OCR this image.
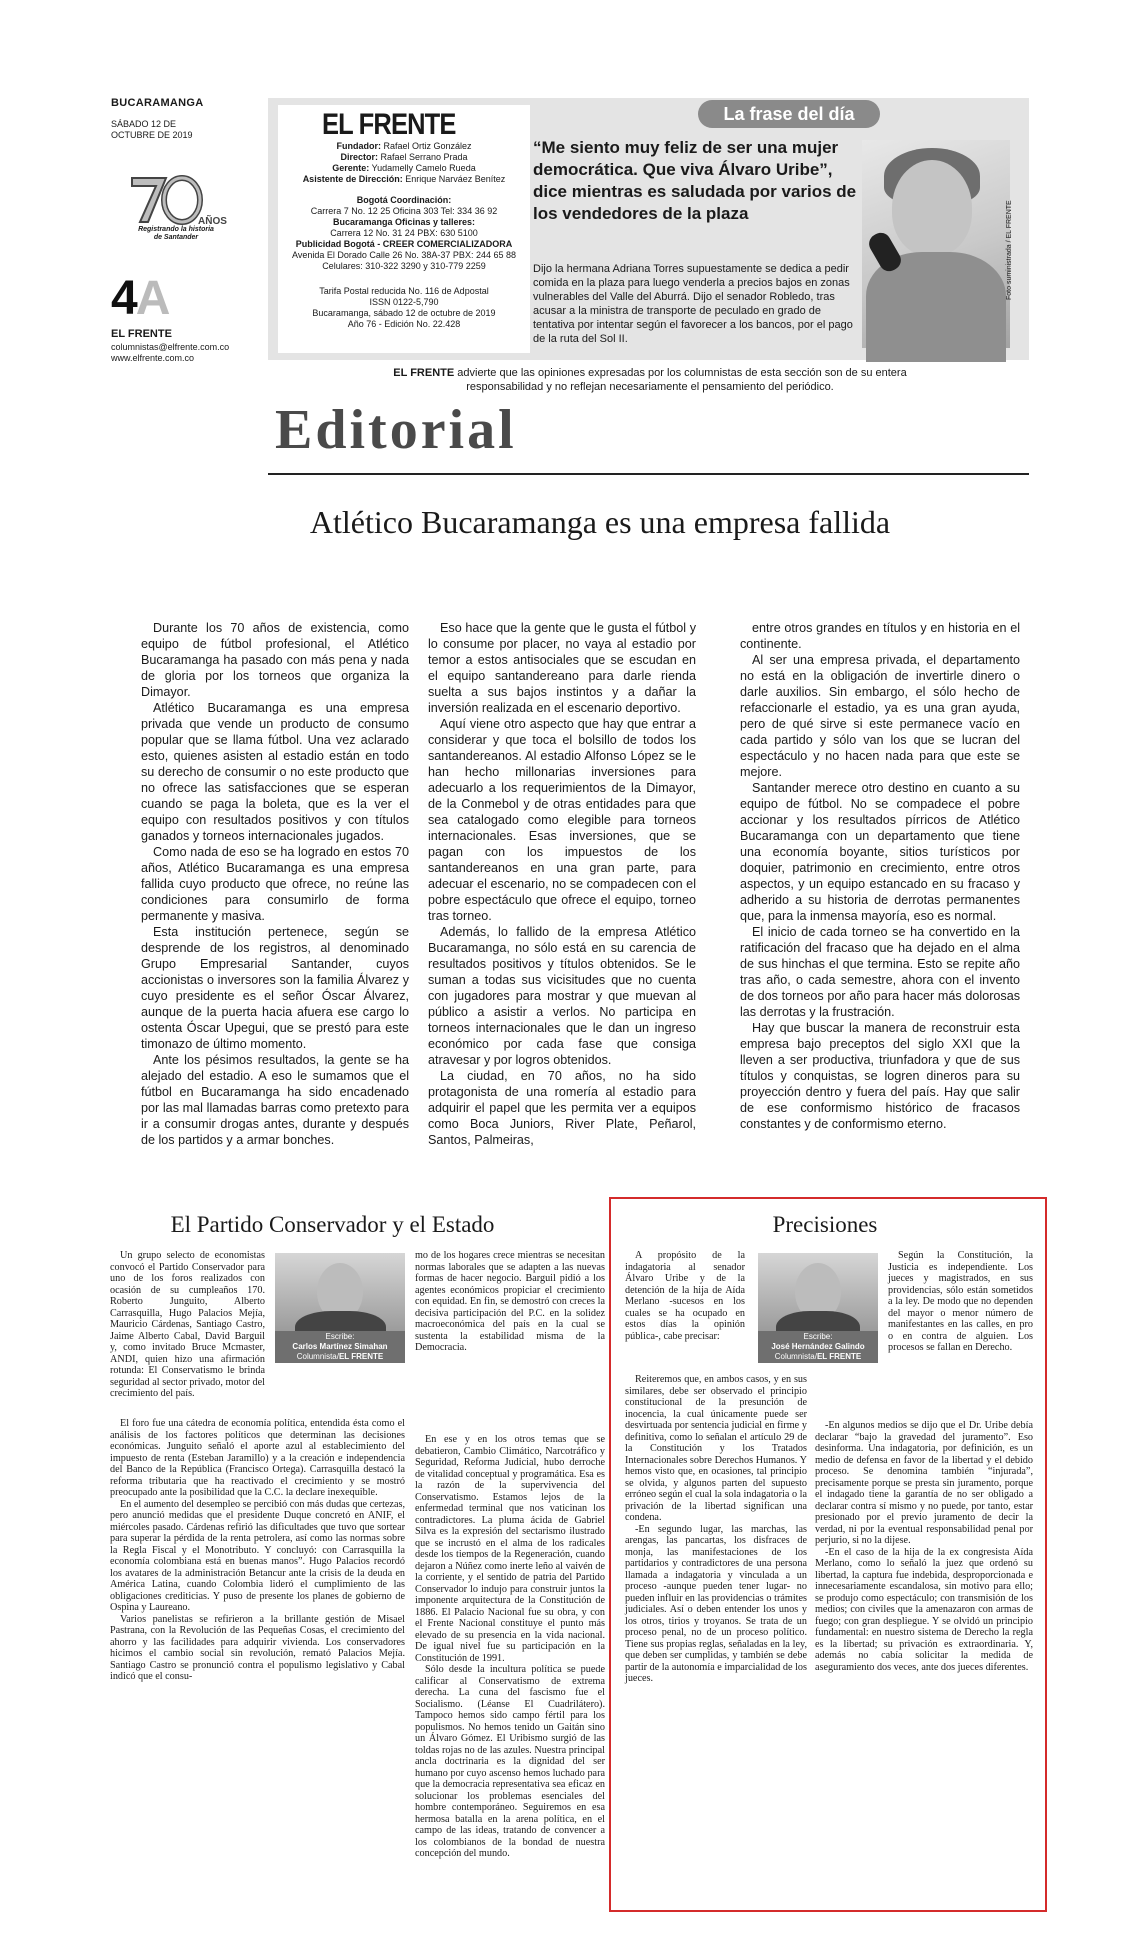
BUCARAMANGA
SÁBADO 12 DE OCTUBRE DE 2019
AÑOS
Registrando la historia de Santander
4A
EL FRENTE
columnistas@elfrente.com.co
www.elfrente.com.co
Fundador: Rafael Ortiz González
Director: Rafael Serrano Prada
Gerente: Yudamelly Camelo Rueda
Asistente de Dirección: Enrique Narváez Benítez
Bogotá Coordinación:
Carrera 7 No. 12 25 Oficina 303 Tel: 334 36 92
Bucaramanga Oficinas y talleres:
Carrera 12 No. 31 24 PBX: 630 5100
Publicidad Bogotá - CREER COMERCIALIZADORA
Avenida El Dorado Calle 26 No. 38A-37 PBX: 244 65 88
Celulares: 310-322 3290 y 310-779 2259
Tarifa Postal reducida No. 116 de Adpostal
ISSN 0122-5,790
Bucaramanga, sábado 12 de octubre de 2019
Año 76 - Edición No. 22.428
EL FRENTE	La frase del día
“Me siento muy feliz de ser una mujer democrática. Que viva Álvaro Uribe”, dice mientras es saludada por varios de los vendedores de la plaza
Dijo la hermana Adriana Torres supuestamente se dedica a pedir comida en la plaza para luego venderla a precios bajos en zonas vulnerables del Valle del Aburrá. Dijo el senador Robledo, tras acusar a la ministra de transporte de peculado en grado de tentativa por intentar según el favorecer a los bancos, por el pago de la ruta del Sol II.
Foto suministrada / EL FRENTE
EL FRENTE advierte que las opiniones expresadas por los columnistas de esta sección son de su entera responsabilidad y no reflejan necesariamente el pensamiento del periódico.
Editorial
Atlético Bucaramanga es una empresa fallida

Durante los 70 años de existencia, como equipo de fútbol profesional, el Atlético Bucaramanga ha pasado con más pena y nada de gloria por los torneos que organiza la Dimayor.

Atlético Bucaramanga es una empresa privada que vende un producto de consumo popular que se llama fútbol. Una vez aclarado esto, quienes asisten al estadio están en todo su derecho de consumir o no este producto que no ofrece las satisfacciones que se esperan cuando se paga la boleta, que es la ver el equipo con resultados positivos y con títulos ganados y torneos internacionales jugados.

Como nada de eso se ha logrado en estos 70 años, Atlético Bucaramanga es una empresa fallida cuyo producto que ofrece, no reúne las condiciones para consumirlo de forma permanente y masiva.

Esta institución pertenece, según se desprende de los registros, al denominado Grupo Empresarial Santander, cuyos accionistas o inversores son la familia Álvarez y cuyo presidente es el señor Óscar Álvarez, aunque de la puerta hacia afuera ese cargo lo ostenta Óscar Upegui, que se prestó para este timonazo de último momento.

Ante los pésimos resultados, la gente se ha alejado del estadio. A eso le sumamos que el fútbol en Bucaramanga ha sido encadenado por las mal llamadas barras como pretexto para ir a consumir drogas antes, durante y después de los partidos y a armar bonches.

Eso hace que la gente que le gusta el fútbol y lo consume por placer, no vaya al estadio por temor a estos antisociales que se escudan en el equipo santandereano para darle rienda suelta a sus bajos instintos y a dañar la inversión realizada en el escenario deportivo.

Aquí viene otro aspecto que hay que entrar a considerar y que toca el bolsillo de todos los santandereanos. Al estadio Alfonso López se le han hecho millonarias inversiones para adecuarlo a los requerimientos de la Dimayor, de la Conmebol y de otras entidades para que sea catalogado como elegible para torneos internacionales. Esas inversiones, que se pagan con los impuestos de los santandereanos en una gran parte, para adecuar el escenario, no se compadecen con el pobre espectáculo que ofrece el equipo, torneo tras torneo.

Además, lo fallido de la empresa Atlético Bucaramanga, no sólo está en su carencia de resultados positivos y títulos obtenidos. Se le suman a todas sus vicisitudes que no cuenta con jugadores para mostrar y que muevan al público a asistir a verlos. No participa en torneos internacionales que le dan un ingreso económico por cada fase que consiga atravesar y por logros obtenidos.

La ciudad, en 70 años, no ha sido protagonista de una romería al estadio para adquirir el papel que les permita ver a equipos como Boca Juniors, River Plate, Peñarol, Santos, Palmeiras,

entre otros grandes en títulos y en historia en el continente.

Al ser una empresa privada, el departamento no está en la obligación de invertirle dinero o darle auxilios. Sin embargo, el sólo hecho de refaccionarle el estadio, ya es una gran ayuda, pero de qué sirve si este permanece vacío en cada partido y sólo van los que se lucran del espectáculo y no hacen nada para que este se mejore.

Santander merece otro destino en cuanto a su equipo de fútbol. No se compadece el pobre accionar y los resultados pírricos de Atlético Bucaramanga con un departamento que tiene una economía boyante, sitios turísticos por doquier, patrimonio en crecimiento, entre otros aspectos, y un equipo estancado en su fracaso y adherido a su historia de derrotas permanentes que, para la inmensa mayoría, eso es normal.

El inicio de cada torneo se ha convertido en la ratificación del fracaso que ha dejado en el alma de sus hinchas el que termina. Esto se repite año tras año, o cada semestre, ahora con el invento de dos torneos por año para hacer más dolorosas las derrotas y la frustración.

Hay que buscar la manera de reconstruir esta empresa bajo preceptos del siglo XXI que la lleven a ser productiva, triunfadora y que de sus títulos y conquistas, se logren dineros para su proyección dentro y fuera del país. Hay que salir de ese conformismo histórico de fracasos constantes y de conformismo eterno.

El Partido Conservador y el Estado

Un grupo selecto de economistas convocó el Partido Conservador para uno de los foros realizados con ocasión de su cumpleaños 170. Roberto Junguito, Alberto Carrasquilla, Hugo Palacios Mejía, Mauricio Cárdenas, Santiago Castro, Jaime Alberto Cabal, David Barguil y, como invitado Bruce Mcmaster, ANDI, quien hizo una afirmación rotunda: El Conservatismo le brinda seguridad al sector privado, motor del crecimiento del país.

Escribe:
Carlos Martínez Simahan
Columnista/EL FRENTE

El foro fue una cátedra de economía política, entendida ésta como el análisis de los factores políticos que determinan las decisiones económicas. Junguito señaló el aporte azul al establecimiento del impuesto de renta (Esteban Jaramillo) y a la creación e independencia del Banco de la República (Francisco Ortega). Carrasquilla destacó la reforma tributaria que ha reactivado el crecimiento y se mostró preocupado ante la posibilidad que la C.C. la declare inexequible.

En el aumento del desempleo se percibió con más dudas que certezas, pero anunció medidas que el presidente Duque concretó en ANIF, el miércoles pasado. Cárdenas refirió las dificultades que tuvo que sortear para superar la pérdida de la renta petrolera, así como las normas sobre la Regla Fiscal y el Monotributo. Y concluyó: con Carrasquilla la economía colombiana está en buenas manos”. Hugo Palacios recordó los avatares de la administración Betancur ante la crisis de la deuda en América Latina, cuando Colombia lideró el cumplimiento de las obligaciones crediticias. Y puso de presente los planes de gobierno de Ospina y Laureano.

Varios panelistas se refirieron a la brillante gestión de Misael Pastrana, con la Revolución de las Pequeñas Cosas, el crecimiento del ahorro y las facilidades para adquirir vivienda. Los conservadores hicimos el cambio social sin revolución, remató Palacios Mejía. Santiago Castro se pronunció contra el populismo legislativo y Cabal indicó que el consu-

mo de los hogares crece mientras se necesitan normas laborales que se adapten a las nuevas formas de hacer negocio. Barguil pidió a los agentes económicos propiciar el crecimiento con equidad. En fin, se demostró con creces la decisiva participación del P.C. en la solidez macroeconómica del país en la cual se sustenta la estabilidad misma de la Democracia.

En ese y en los otros temas que se debatieron, Cambio Climático, Narcotráfico y Seguridad, Reforma Judicial, hubo derroche de vitalidad conceptual y programática. Esa es la razón de la supervivencia del Conservatismo. Estamos lejos de la enfermedad terminal que nos vaticinan los contradictores. La pluma ácida de Gabriel Silva es la expresión del sectarismo ilustrado que se incrustó en el alma de los radicales desde los tiempos de la Regeneración, cuando dejaron a Núñez como inerte leño al vaivén de la corriente, y el sentido de patria del Partido Conservador lo indujo para construir juntos la imponente arquitectura de la Constitución de 1886. El Palacio Nacional fue su obra, y con el Frente Nacional constituye el punto más elevado de su presencia en la vida nacional. De igual nivel fue su participación en la Constitución de 1991.

Sólo desde la incultura política se puede calificar al Conservatismo de extrema derecha. La cuna del fascismo fue el Socialismo. (Léanse El Cuadrilátero). Tampoco hemos sido campo fértil para los populismos. No hemos tenido un Gaitán sino un Álvaro Gómez. El Uribismo surgió de las toldas rojas no de las azules. Nuestra principal ancla doctrinaria es la dignidad del ser humano por cuyo ascenso hemos luchado para que la democracia representativa sea eficaz en solucionar los problemas esenciales del hombre contemporáneo. Seguiremos en esa hermosa batalla en la arena política, en el campo de las ideas, tratando de convencer a los colombianos de la bondad de nuestra concepción del mundo.

Precisiones

A propósito de la indagatoria al senador Álvaro Uribe y de la detención de la hija de Aída Merlano -sucesos en los cuales se ha ocupado en estos días la opinión pública-, cabe precisar:	Escribe:
José Hernández Galindo
Columnista/EL FRENTE

Reiteremos que, en ambos casos, y en sus similares, debe ser observado el principio constitucional de la presunción de inocencia, la cual únicamente puede ser desvirtuada por sentencia judicial en firme y definitiva, como lo señalan el artículo 29 de la Constitución y los Tratados Internacionales sobre Derechos Humanos. Y hemos visto que, en ocasiones, tal principio se olvida, y algunos parten del supuesto erróneo según el cual la sola indagatoria o la privación de la libertad significan una condena.

-En segundo lugar, las marchas, las arengas, las pancartas, los disfraces de monja, las manifestaciones de los partidarios y contradictores de una persona llamada a indagatoria y vinculada a un proceso -aunque pueden tener lugar- no pueden influir en las providencias o trámites judiciales. Así o deben entender los unos y los otros, tirios y troyanos. Se trata de un proceso penal, no de un proceso político. Tiene sus propias reglas, señaladas en la ley, que deben ser cumplidas, y también se debe partir de la autonomía e imparcialidad de los jueces.

Según la Constitución, la Justicia es independiente. Los jueces y magistrados, en sus providencias, sólo están sometidos a la ley. De modo que no dependen del mayor o menor número de manifestantes en las calles, en pro o en contra de alguien. Los procesos se fallan en Derecho.

-En algunos medios se dijo que el Dr. Uribe debía declarar “bajo la gravedad del juramento”. Eso desinforma. Una indagatoria, por definición, es un medio de defensa en favor de la libertad y el debido proceso. Se denomina también “injurada”, precisamente porque se presta sin juramento, porque el indagado tiene la garantía de no ser obligado a declarar contra sí mismo y no puede, por tanto, estar presionado por el previo juramento de decir la verdad, ni por la eventual responsabilidad penal por perjurio, si no la dijese.

-En el caso de la hija de la ex congresista Aída Merlano, como lo señaló la juez que ordenó su libertad, la captura fue indebida, desproporcionada e innecesariamente escandalosa, sin motivo para ello; se produjo como espectáculo; con transmisión de los medios; con civiles que la amenazaron con armas de fuego; con gran despliegue. Y se olvidó un principio fundamental: en nuestro sistema de Derecho la regla es la libertad; su privación es extraordinaria. Y, además no cabía solicitar la medida de aseguramiento dos veces, ante dos jueces diferentes.
